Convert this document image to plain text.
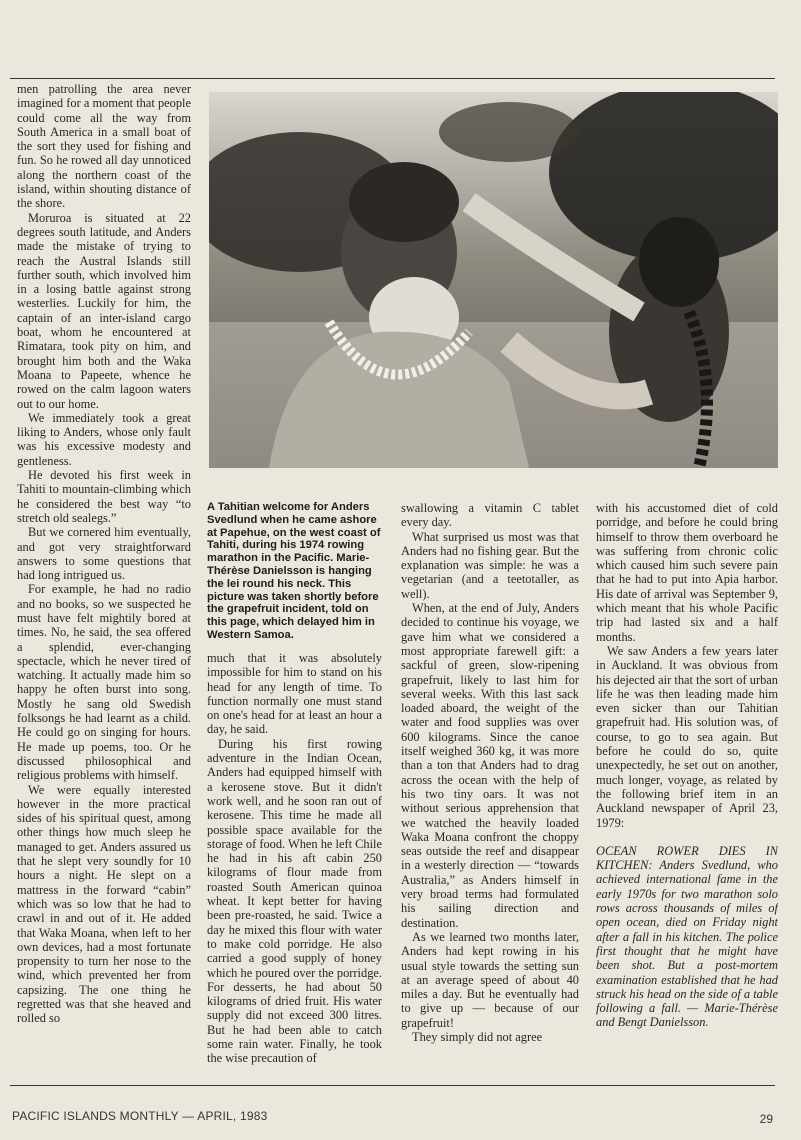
men patrolling the area never imagined for a moment that people could come all the way from South America in a small boat of the sort they used for fishing and fun. So he rowed all day unnoticed along the northern coast of the island, within shouting distance of the shore.

Moruroa is situated at 22 degrees south latitude, and Anders made the mistake of trying to reach the Austral Islands still further south, which involved him in a losing battle against strong westerlies. Luckily for him, the captain of an inter-island cargo boat, whom he encountered at Rimatara, took pity on him, and brought him both and the Waka Moana to Papeete, whence he rowed on the calm lagoon waters out to our home.

We immediately took a great liking to Anders, whose only fault was his excessive modesty and gentleness.

He devoted his first week in Tahiti to mountain-climbing which he considered the best way “to stretch old sealegs.”

But we cornered him eventually, and got very straightforward answers to some questions that had long intrigued us.

For example, he had no radio and no books, so we suspected he must have felt mightily bored at times. No, he said, the sea offered a splendid, ever-changing spectacle, which he never tired of watching. It actually made him so happy he often burst into song. Mostly he sang old Swedish folksongs he had learnt as a child. He could go on singing for hours. He made up poems, too. Or he discussed philosophical and religious problems with himself.

We were equally interested however in the more practical sides of his spiritual quest, among other things how much sleep he managed to get. Anders assured us that he slept very soundly for 10 hours a night. He slept on a mattress in the forward “cabin” which was so low that he had to crawl in and out of it. He added that Waka Moana, when left to her own devices, had a most fortunate propensity to turn her nose to the wind, which prevented her from capsizing. The one thing he regretted was that she heaved and rolled so

A Tahitian welcome for Anders Svedlund when he came ashore at Papehue, on the west coast of Tahiti, during his 1974 rowing marathon in the Pacific. Marie-Thérèse Danielsson is hanging the lei round his neck. This picture was taken shortly before the grapefruit incident, told on this page, which delayed him in Western Samoa.

much that it was absolutely impossible for him to stand on his head for any length of time. To function normally one must stand on one's head for at least an hour a day, he said.

During his first rowing adventure in the Indian Ocean, Anders had equipped himself with a kerosene stove. But it didn't work well, and he soon ran out of kerosene. This time he made all possible space available for the storage of food. When he left Chile he had in his aft cabin 250 kilograms of flour made from roasted South American quinoa wheat. It kept better for having been pre-roasted, he said. Twice a day he mixed this flour with water to make cold porridge. He also carried a good supply of honey which he poured over the porridge. For desserts, he had about 50 kilograms of dried fruit. His water supply did not exceed 300 litres. But he had been able to catch some rain water. Finally, he took the wise precaution of

swallowing a vitamin C tablet every day.

What surprised us most was that Anders had no fishing gear. But the explanation was simple: he was a vegetarian (and a teetotaller, as well).

When, at the end of July, Anders decided to continue his voyage, we gave him what we considered a most appropriate farewell gift: a sackful of green, slow-ripening grapefruit, likely to last him for several weeks. With this last sack loaded aboard, the weight of the water and food supplies was over 600 kilograms. Since the canoe itself weighed 360 kg, it was more than a ton that Anders had to drag across the ocean with the help of his two tiny oars. It was not without serious apprehension that we watched the heavily loaded Waka Moana confront the choppy seas outside the reef and disappear in a westerly direction — “towards Australia,” as Anders himself in very broad terms had formulated his sailing direction and destination.

As we learned two months later, Anders had kept rowing in his usual style towards the setting sun at an average speed of about 40 miles a day. But he eventually had to give up — because of our grapefruit!

They simply did not agree

with his accustomed diet of cold porridge, and before he could bring himself to throw them overboard he was suffering from chronic colic which caused him such severe pain that he had to put into Apia harbor. His date of arrival was September 9, which meant that his whole Pacific trip had lasted six and a half months.

We saw Anders a few years later in Auckland. It was obvious from his dejected air that the sort of urban life he was then leading made him even sicker than our Tahitian grapefruit had. His solution was, of course, to go to sea again. But before he could do so, quite unexpectedly, he set out on another, much longer, voyage, as related by the following brief item in an Auckland newspaper of April 23, 1979:

OCEAN ROWER DIES IN KITCHEN: Anders Svedlund, who achieved international fame in the early 1970s for two marathon solo rows across thousands of miles of open ocean, died on Friday night after a fall in his kitchen. The police first thought that he might have been shot. But a post-mortem examination established that he had struck his head on the side of a table following a fall. — Marie-Thérèse and Bengt Danielsson.

PACIFIC ISLANDS MONTHLY — APRIL, 1983	29
